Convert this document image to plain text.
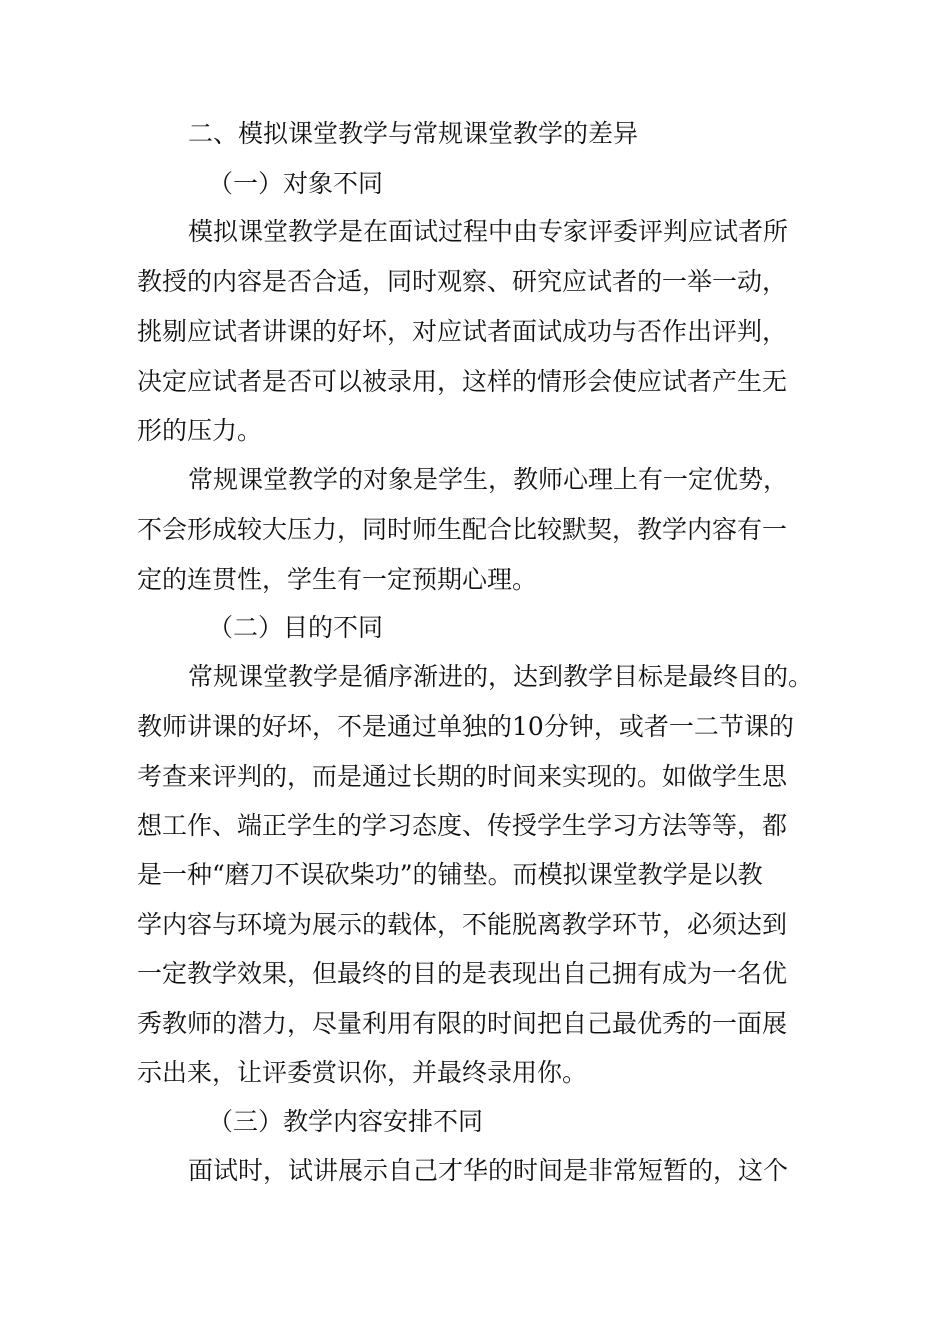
二、模拟课堂教学与常规课堂教学的差异
（一）对象不同
模拟课堂教学是在面试过程中由专家评委评判应试者所
教授的内容是否合适，同时观察、研究应试者的一举一动，
挑剔应试者讲课的好坏，对应试者面试成功与否作出评判，
决定应试者是否可以被录用，这样的情形会使应试者产生无
形的压力。
常规课堂教学的对象是学生，教师心理上有一定优势，
不会形成较大压力，同时师生配合比较默契，教学内容有一
定的连贯性，学生有一定预期心理。
（二）目的不同
常规课堂教学是循序渐进的，达到教学目标是最终目的。
教师讲课的好坏，不是通过单独的10分钟，或者一二节课的
考查来评判的，而是通过长期的时间来实现的。如做学生思
想工作、端正学生的学习态度、传授学生学习方法等等，都
是一种“磨刀不误砍柴功”的铺垫。而模拟课堂教学是以教
学内容与环境为展示的载体，不能脱离教学环节，必须达到
一定教学效果，但最终的目的是表现出自己拥有成为一名优
秀教师的潜力，尽量利用有限的时间把自己最优秀的一面展
示出来，让评委赏识你，并最终录用你。
（三）教学内容安排不同
面试时，试讲展示自己才华的时间是非常短暂的，这个
